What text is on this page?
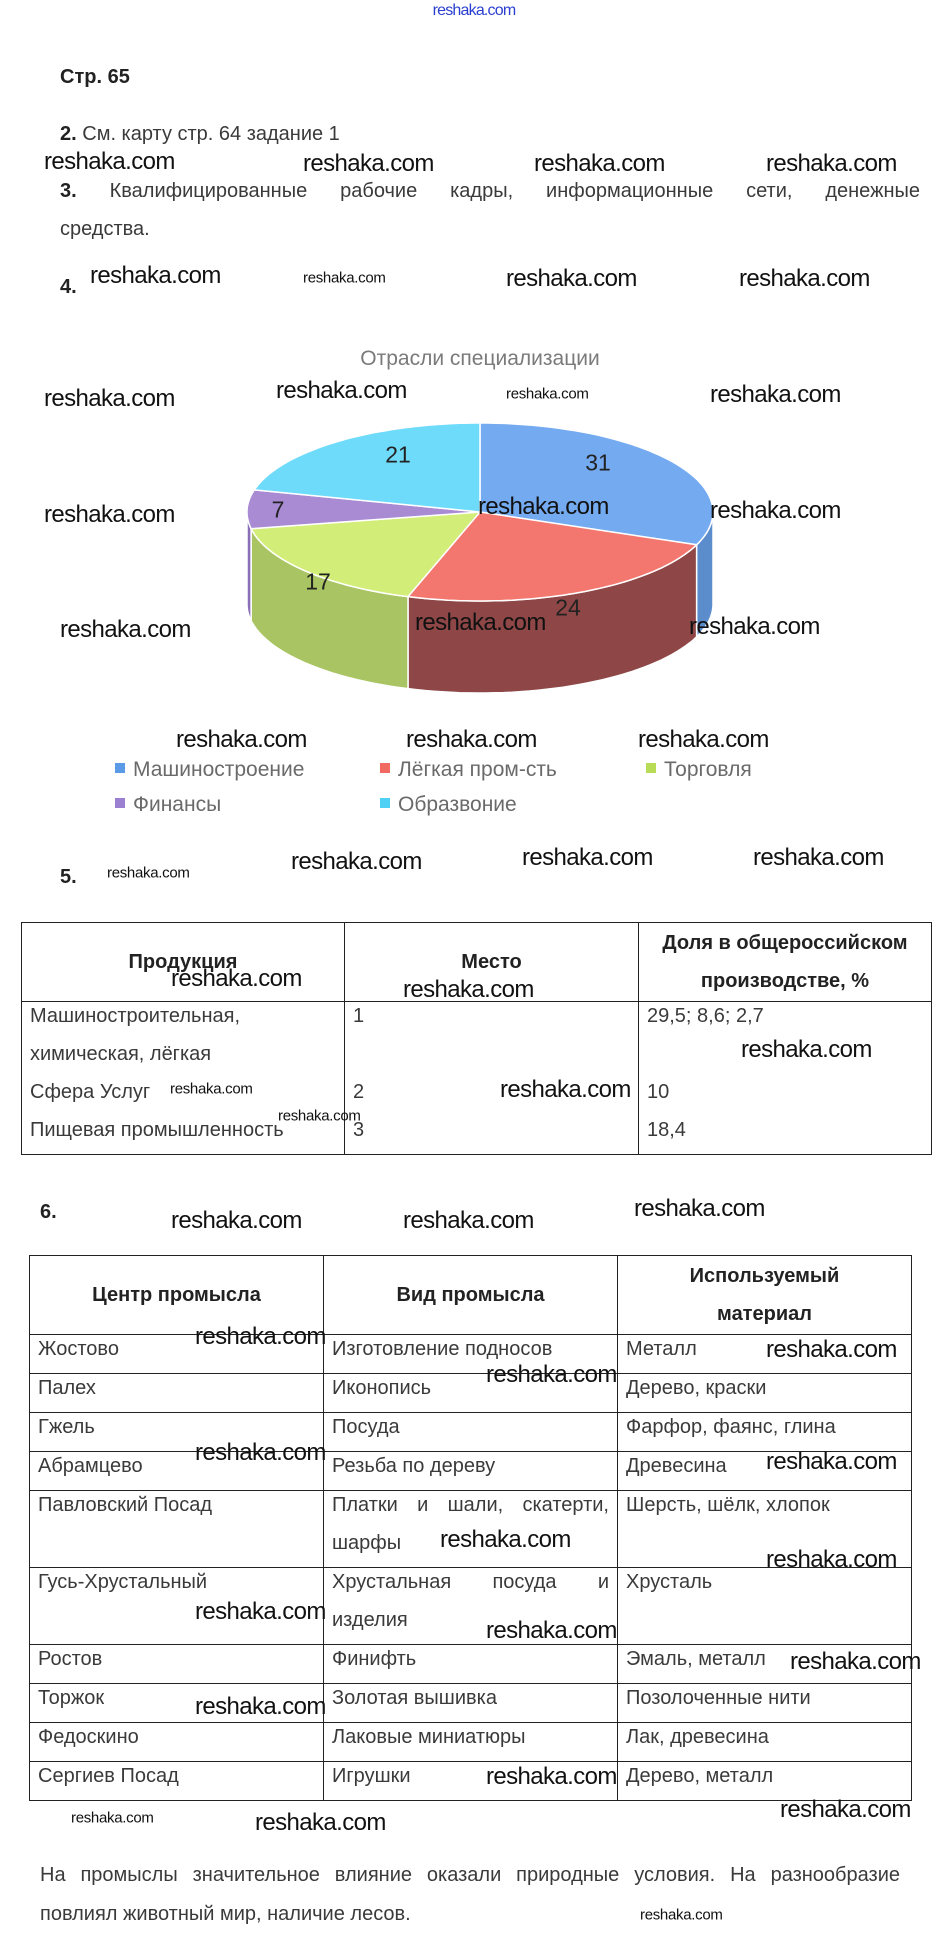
reshaka.com
Стр. 65
2. См. карту стр. 64 задание 1
3. Квалифицированные рабочие кадры, информационные сети, денежные
средства.
4.
Отрасли специализации
31
24
17
7
21
Машиностроение	Лёгкая пром-сть	Торговля
Финансы	Образвоние
5.
Продукция	Место	Доля в общероссийском
производстве, %

Машиностроительная,
химическая, лёгкая	1	29,5; 8,6; 2,7
Сфера Услуг	2	10
Пищевая промышленность	3	18,4
6.
Центр промысла	Вид промысла	Используемый
материал

Жостово	Изготовление подносов	Металл
Палех	Иконопись	Дерево, краски
Гжель	Посуда	Фарфор, фаянс, глина
Абрамцево	Резьба по дереву	Древесина
Павловский Посад	Платки и шали, скатерти, шарфы	Шерсть, шёлк, хлопок
Гусь-Хрустальный	Хрустальная посуда и изделия	Хрусталь
Ростов	Финифть	Эмаль, металл
Торжок	Золотая вышивка	Позолоченные нити
Федоскино	Лаковые миниатюры	Лак, древесина
Сергиев Посад	Игрушки	Дерево, металл
На промыслы значительное влияние оказали природные условия. На разнообразие повлиял животный мир, наличие лесов.
reshaka.com	reshaka.com	reshaka.com	reshaka.com
reshaka.com	reshaka.com	reshaka.com	reshaka.com
reshaka.com	reshaka.com	reshaka.com	reshaka.com
reshaka.com	reshaka.com	reshaka.com
reshaka.com	reshaka.com	reshaka.com
reshaka.com	reshaka.com	reshaka.com
reshaka.com	reshaka.com	reshaka.com	reshaka.com
reshaka.com	reshaka.com
reshaka.com
reshaka.com
reshaka.com
reshaka.com
reshaka.com	reshaka.com	reshaka.com
reshaka.com	reshaka.com
reshaka.com
reshaka.com
reshaka.com
reshaka.com
reshaka.com
reshaka.com
reshaka.com
reshaka.com
reshaka.com
reshaka.com
reshaka.com
reshaka.com	reshaka.com
reshaka.com
